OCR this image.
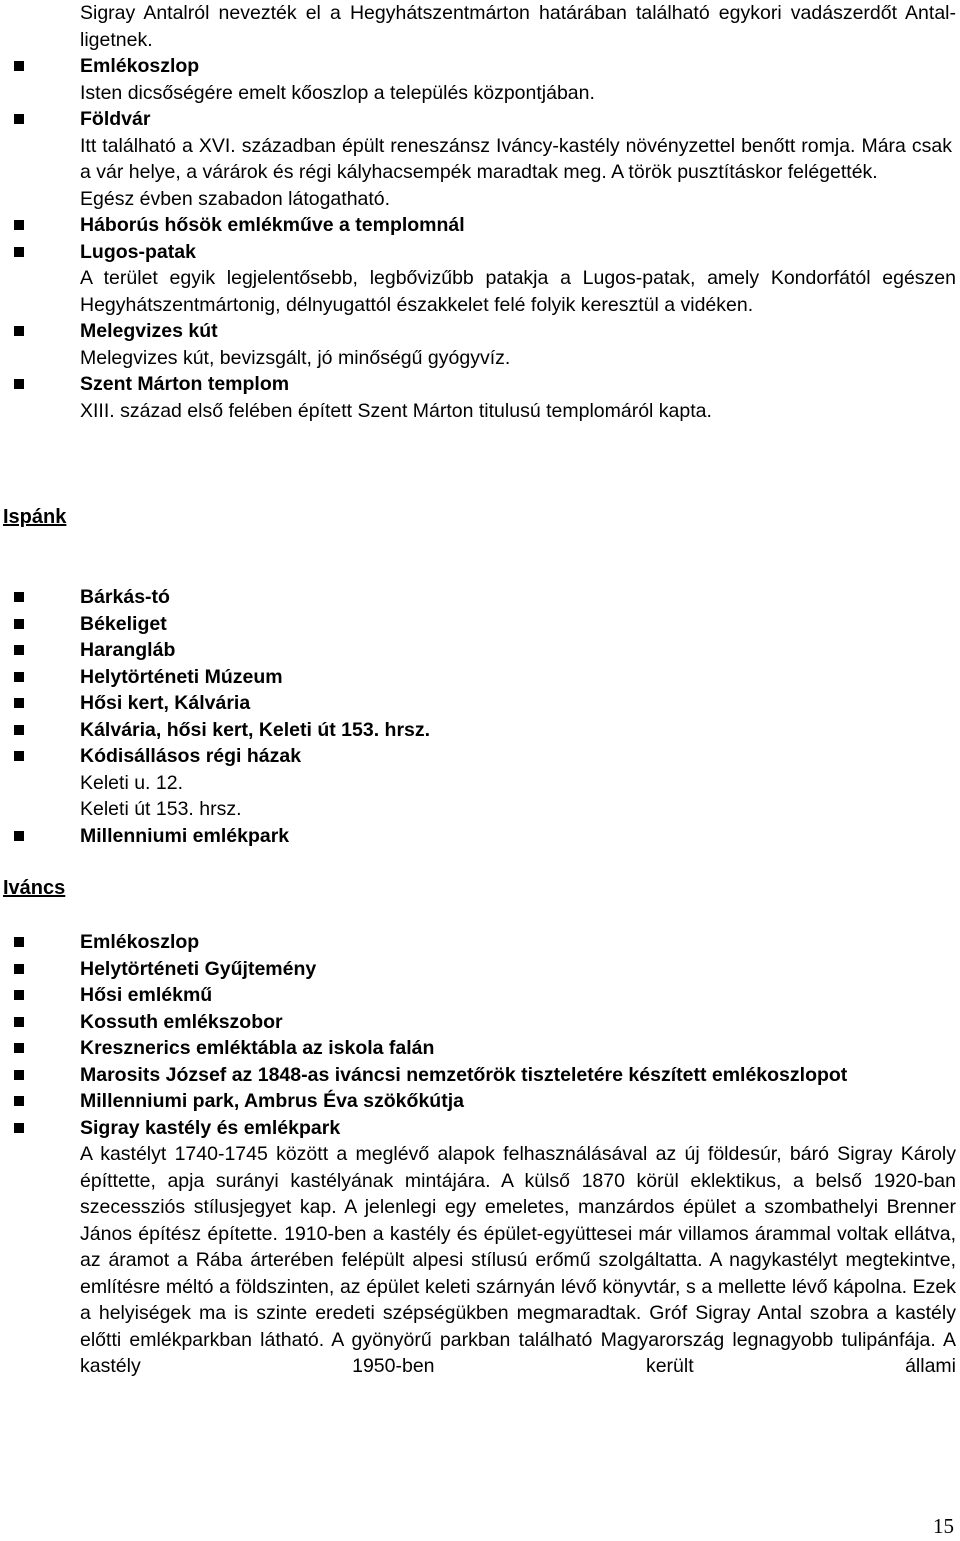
Sigray Antalról nevezték el a Hegyhátszentmárton határában található egykori vadászerdőt Antal-ligetnek.

Emlékoszlop
Isten dicsőségére emelt kőoszlop a település központjában.
Földvár
Itt található a XVI. században épült reneszánsz Iváncy-kastély növényzettel benőtt romja. Mára csak a vár helye, a várárok és régi kályhacsempék maradtak meg. A török pusztításkor felégették.
Egész évben szabadon látogatható.
Háborús hősök emlékműve a templomnál
Lugos-patak
A terület egyik legjelentősebb, legbővizűbb patakja a Lugos-patak, amely Kondorfától egészen Hegyhátszentmártonig, délnyugattól északkelet felé folyik keresztül a vidéken.
Melegvizes kút
Melegvizes kút, bevizsgált, jó minőségű gyógyvíz.
Szent Márton templom
XIII. század első felében épített Szent Márton titulusú templomáról kapta.
Ispánk
Bárkás-tó
Békeliget
Harangláb
Helytörténeti Múzeum
Hősi kert, Kálvária
Kálvária, hősi kert, Keleti út 153. hrsz.
Kódisállásos régi házak
Keleti u. 12.
Keleti út 153. hrsz.
Millenniumi emlékpark
Iváncs
Emlékoszlop
Helytörténeti Gyűjtemény
Hősi emlékmű
Kossuth emlékszobor
Kresznerics emléktábla az iskola falán
Marosits József az 1848-as iváncsi nemzetőrök tiszteletére készített emlékoszlopot
Millenniumi park, Ambrus Éva szökőkútja
Sigray kastély és emlékpark
A kastélyt 1740-1745 között a meglévő alapok felhasználásával az új földesúr, báró Sigray Károly építtette, apja surányi kastélyának mintájára. A külső 1870 körül eklektikus, a belső 1920-ban szecessziós stílusjegyet kap. A jelenlegi egy emeletes, manzárdos épület a szombathelyi Brenner János építész építette. 1910-ben a kastély és épület-együttesei már villamos árammal voltak ellátva, az áramot a Rába árterében felépült alpesi stílusú erőmű szolgáltatta. A nagykastélyt megtekintve, említésre méltó a földszinten, az épület keleti szárnyán lévő könyvtár, s a mellette lévő kápolna. Ezek a helyiségek ma is szinte eredeti szépségükben megmaradtak. Gróf Sigray Antal szobra a kastély előtti emlékparkban látható. A gyönyörű parkban található Magyarország legnagyobb tulipánfája. A kastély 1950-ben került állami
15
